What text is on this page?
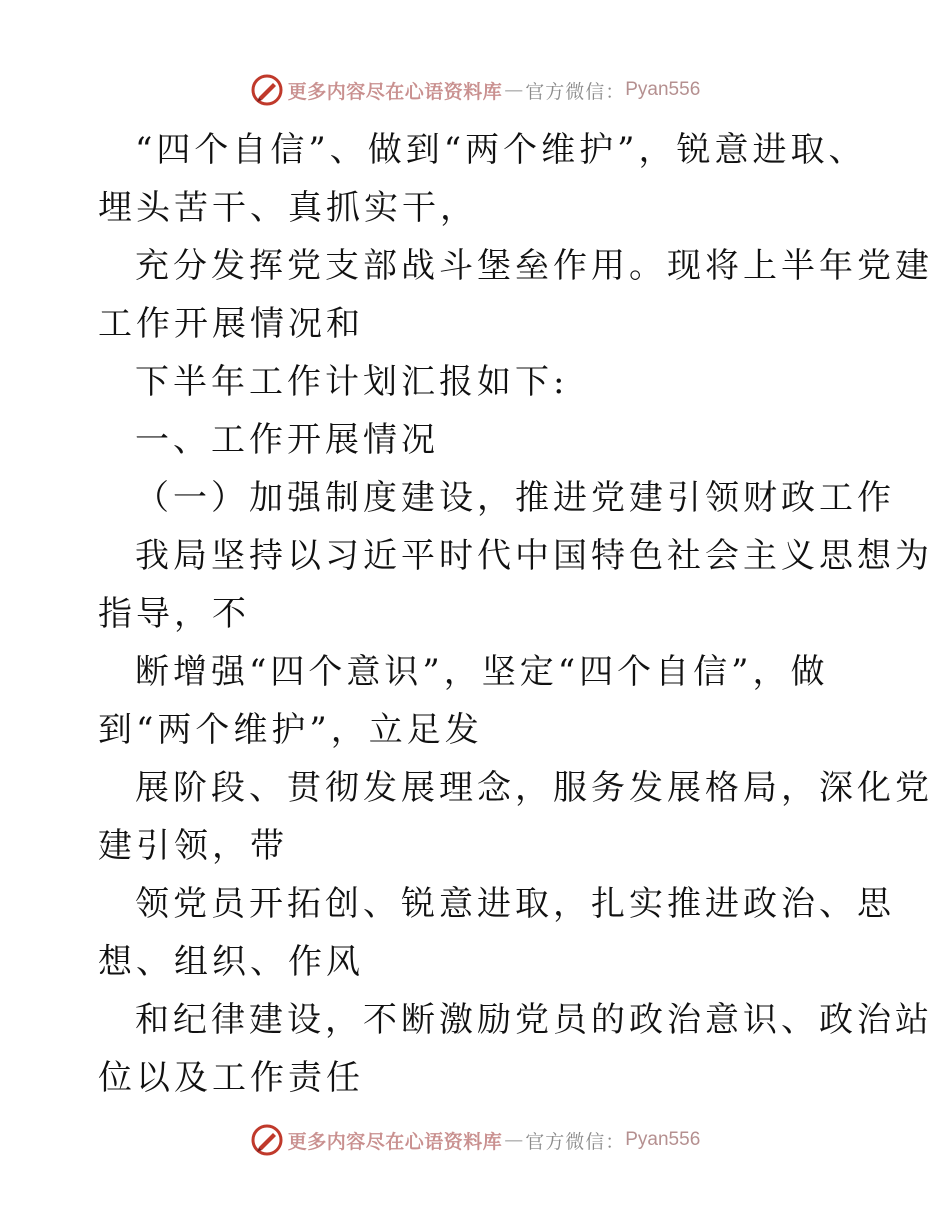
更多内容尽在心语资料库 — 官方微信： Pyan556
“四个自信”、做到“两个维护”，锐意进取、
埋头苦干、真抓实干，
充分发挥党支部战斗堡垒作用。现将上半年党建
工作开展情况和
下半年工作计划汇报如下:
一、工作开展情况
（一）加强制度建设，推进党建引领财政工作
我局坚持以习近平时代中国特色社会主义思想为
指导，不
断增强“四个意识”，坚定“四个自信”，做
到“两个维护”，立足发
展阶段、贯彻发展理念，服务发展格局，深化党
建引领，带
领党员开拓创、锐意进取，扎实推进政治、思
想、组织、作风
和纪律建设，不断激励党员的政治意识、政治站
位以及工作责任
更多内容尽在心语资料库 — 官方微信： Pyan556
